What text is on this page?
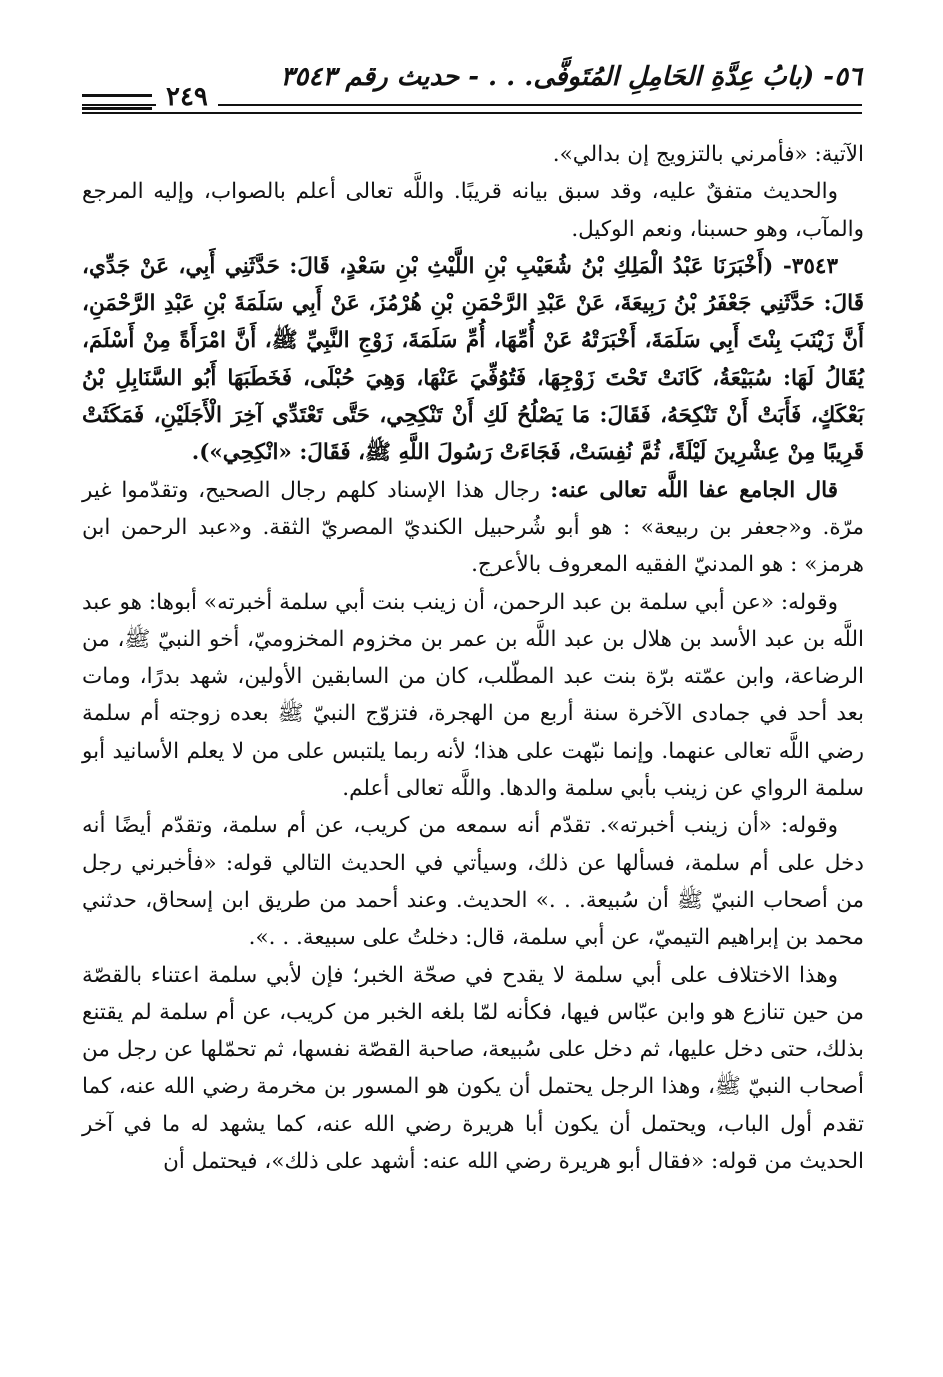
٥٦- (بابُ عِدَّةِ الحَامِلِ المُتَوفَّى. . . - حديث رقم ٣٥٤٣
٢٤٩

الآتية: «فأمرني بالتزويج إن بدالي».

والحديث متفقٌ عليه، وقد سبق بيانه قريبًا. واللَّه تعالى أعلم بالصواب، وإليه المرجع والمآب، وهو حسبنا، ونعم الوكيل.

٣٥٤٣- (أَخْبَرَنَا عَبْدُ الْمَلِكِ بْنُ شُعَيْبِ بْنِ اللَّيْثِ بْنِ سَعْدٍ، قَالَ: حَدَّثَنِي أَبِي، عَنْ جَدِّي، قَالَ: حَدَّثَنِي جَعْفَرُ بْنُ رَبِيعَةَ، عَنْ عَبْدِ الرَّحْمَنِ بْنِ هُرْمُزَ، عَنْ أَبِي سَلَمَةَ بْنِ عَبْدِ الرَّحْمَنِ، أَنَّ زَيْنَبَ بِنْتَ أَبِي سَلَمَةَ، أَخْبَرَتْهُ عَنْ أُمِّهَا، أُمِّ سَلَمَةَ، زَوْجِ النَّبِيِّ ﷺ، أَنَّ امْرَأَةً مِنْ أَسْلَمَ، يُقَالُ لَهَا: سُبَيْعَةُ، كَانَتْ تَحْتَ زَوْجِهَا، فَتُوُفِّيَ عَنْهَا، وَهِيَ حُبْلَى، فَخَطَبَهَا أَبُو السَّنَابِلِ بْنُ بَعْكَكٍ، فَأَبَتْ أَنْ تَنْكِحَهُ، فَقَالَ: مَا يَصْلُحُ لَكِ أَنْ تَنْكِحِي، حَتَّى تَعْتَدِّي آخِرَ الْأَجَلَيْنِ، فَمَكَثَتْ قَرِيبًا مِنْ عِشْرِينَ لَيْلَةً، ثُمَّ نُفِسَتْ، فَجَاءَتْ رَسُولَ اللَّهِ ﷺ، فَقَالَ: «انْكِحِي»).

قال الجامع عفا اللَّه تعالى عنه: رجال هذا الإسناد كلهم رجال الصحيح، وتقدّموا غير مرّة. و«جعفر بن ربيعة» : هو أبو شُرحبيل الكنديّ المصريّ الثقة. و«عبد الرحمن ابن هرمز» : هو المدنيّ الفقيه المعروف بالأعرج.

وقوله: «عن أبي سلمة بن عبد الرحمن، أن زينب بنت أبي سلمة أخبرته» أبوها: هو عبد اللَّه بن عبد الأسد بن هلال بن عبد اللَّه بن عمر بن مخزوم المخزوميّ، أخو النبيّ ﷺ، من الرضاعة، وابن عمّته برّة بنت عبد المطّلب، كان من السابقين الأولين، شهد بدرًا، ومات بعد أحد في جمادى الآخرة سنة أربع من الهجرة، فتزوّج النبيّ ﷺ بعده زوجته أم سلمة رضي اللَّه تعالى عنهما. وإنما نبّهت على هذا؛ لأنه ربما يلتبس على من لا يعلم الأسانيد أبو سلمة الرواي عن زينب بأبي سلمة والدها. واللَّه تعالى أعلم.

وقوله: «أن زينب أخبرته». تقدّم أنه سمعه من كريب، عن أم سلمة، وتقدّم أيضًا أنه دخل على أم سلمة، فسألها عن ذلك، وسيأتي في الحديث التالي قوله: «فأخبرني رجل من أصحاب النبيّ ﷺ أن سُبيعة. . .» الحديث. وعند أحمد من طريق ابن إسحاق، حدثني محمد بن إبراهيم التيميّ، عن أبي سلمة، قال: دخلتُ على سبيعة. . .».

وهذا الاختلاف على أبي سلمة لا يقدح في صحّة الخبر؛ فإن لأبي سلمة اعتناء بالقصّة من حين تنازع هو وابن عبّاس فيها، فكأنه لمّا بلغه الخبر من كريب، عن أم سلمة لم يقتنع بذلك، حتى دخل عليها، ثم دخل على سُبيعة، صاحبة القصّة نفسها، ثم تحمّلها عن رجل من أصحاب النبيّ ﷺ، وهذا الرجل يحتمل أن يكون هو المسور بن مخرمة رضي الله عنه، كما تقدم أول الباب، ويحتمل أن يكون أبا هريرة رضي الله عنه، كما يشهد له ما في آخر الحديث من قوله: «فقال أبو هريرة رضي الله عنه: أشهد على ذلك»، فيحتمل أن
